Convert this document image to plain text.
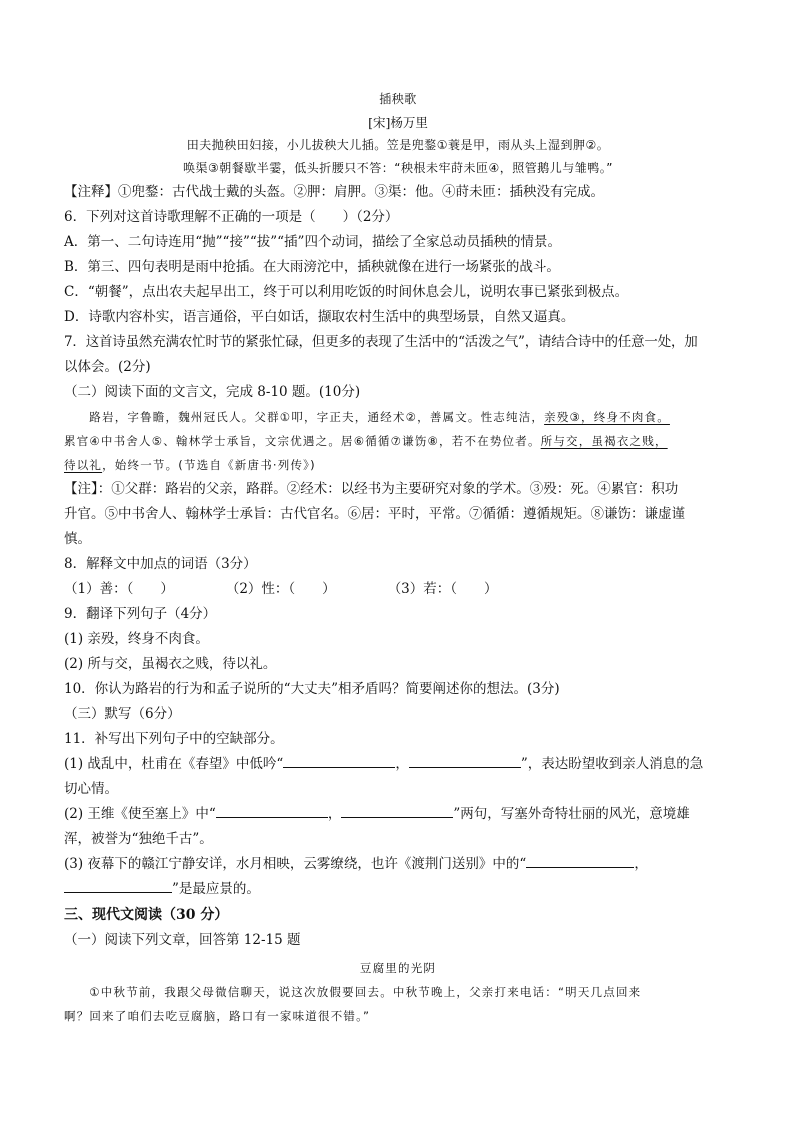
插秧歌
[宋]杨万里
田夫抛秧田妇接，小儿拔秧大儿插。笠是兜鍪①蓑是甲，雨从头上湿到胛②。
唤渠③朝餐歇半霎，低头折腰只不答：“秧根未牢莳未匝④，照管鹅儿与雏鸭。”
【注释】①兜鍪：古代战士戴的头盔。②胛：肩胛。③渠：他。④莳未匝：插秧没有完成。
6．下列对这首诗歌理解不正确的一项是（　　）（2分）
A．第一、二句诗连用“抛”“接”“拔”“插”四个动词，描绘了全家总动员插秧的情景。
B．第三、四句表明是雨中抢插。在大雨滂沱中，插秧就像在进行一场紧张的战斗。
C．“朝餐”，点出农夫起早出工，终于可以利用吃饭的时间休息会儿，说明农事已紧张到极点。
D．诗歌内容朴实，语言通俗，平白如话，撷取农村生活中的典型场景，自然又逼真。
7．这首诗虽然充满农忙时节的紧张忙碌，但更多的表现了生活中的“活泼之气”，请结合诗中的任意一处，加
以体会。(2分)
（二）阅读下面的文言文，完成 8-10 题。(10分)
路岩，字鲁瞻，魏州冠氏人。父群①叩，字正夫，通经术②，善属文。性志纯洁，亲殁③，终身不肉食。
累官④中书舍人⑤、翰林学士承旨，文宗优遇之。居⑥循循⑦谦饬⑧，若不在势位者。所与交，虽褐衣之贱，
待以礼，始终一节。(节选自《新唐书·列传》)
【注】：①父群：路岩的父亲，路群。②经术：以经书为主要研究对象的学术。③殁：死。④累官：积功
升官。⑤中书舍人、翰林学士承旨：古代官名。⑥居：平时，平常。⑦循循：遵循规矩。⑧谦饬：谦虚谨
慎。
8．解释文中加点的词语（3分）
（1）善：（　　）	（2）性：（　　）	（3）若：（　　）
9．翻译下列句子（4分）
(1) 亲殁，终身不肉食。
(2) 所与交，虽褐衣之贱，待以礼。
10．你认为路岩的行为和孟子说所的“大丈夫”相矛盾吗？简要阐述你的想法。(3分)
（三）默写（6分）
11．补写出下列句子中的空缺部分。
(1) 战乱中，杜甫在《春望》中低吟“	，	”，表达盼望收到亲人消息的急
切心情。
(2) 王维《使至塞上》中“	，	”两句，写塞外奇特壮丽的风光，意境雄
浑，被誉为“独绝千古”。
(3) 夜幕下的赣江宁静安详，水月相映，云雾缭绕，也许《渡荆门送别》中的“	，
”是最应景的。
三、现代文阅读（30 分）
（一）阅读下列文章，回答第 12-15 题
豆腐里的光阴
①中秋节前，我跟父母微信聊天，说这次放假要回去。中秋节晚上，父亲打来电话：“明天几点回来
啊？回来了咱们去吃豆腐脑，路口有一家味道很不错。”
